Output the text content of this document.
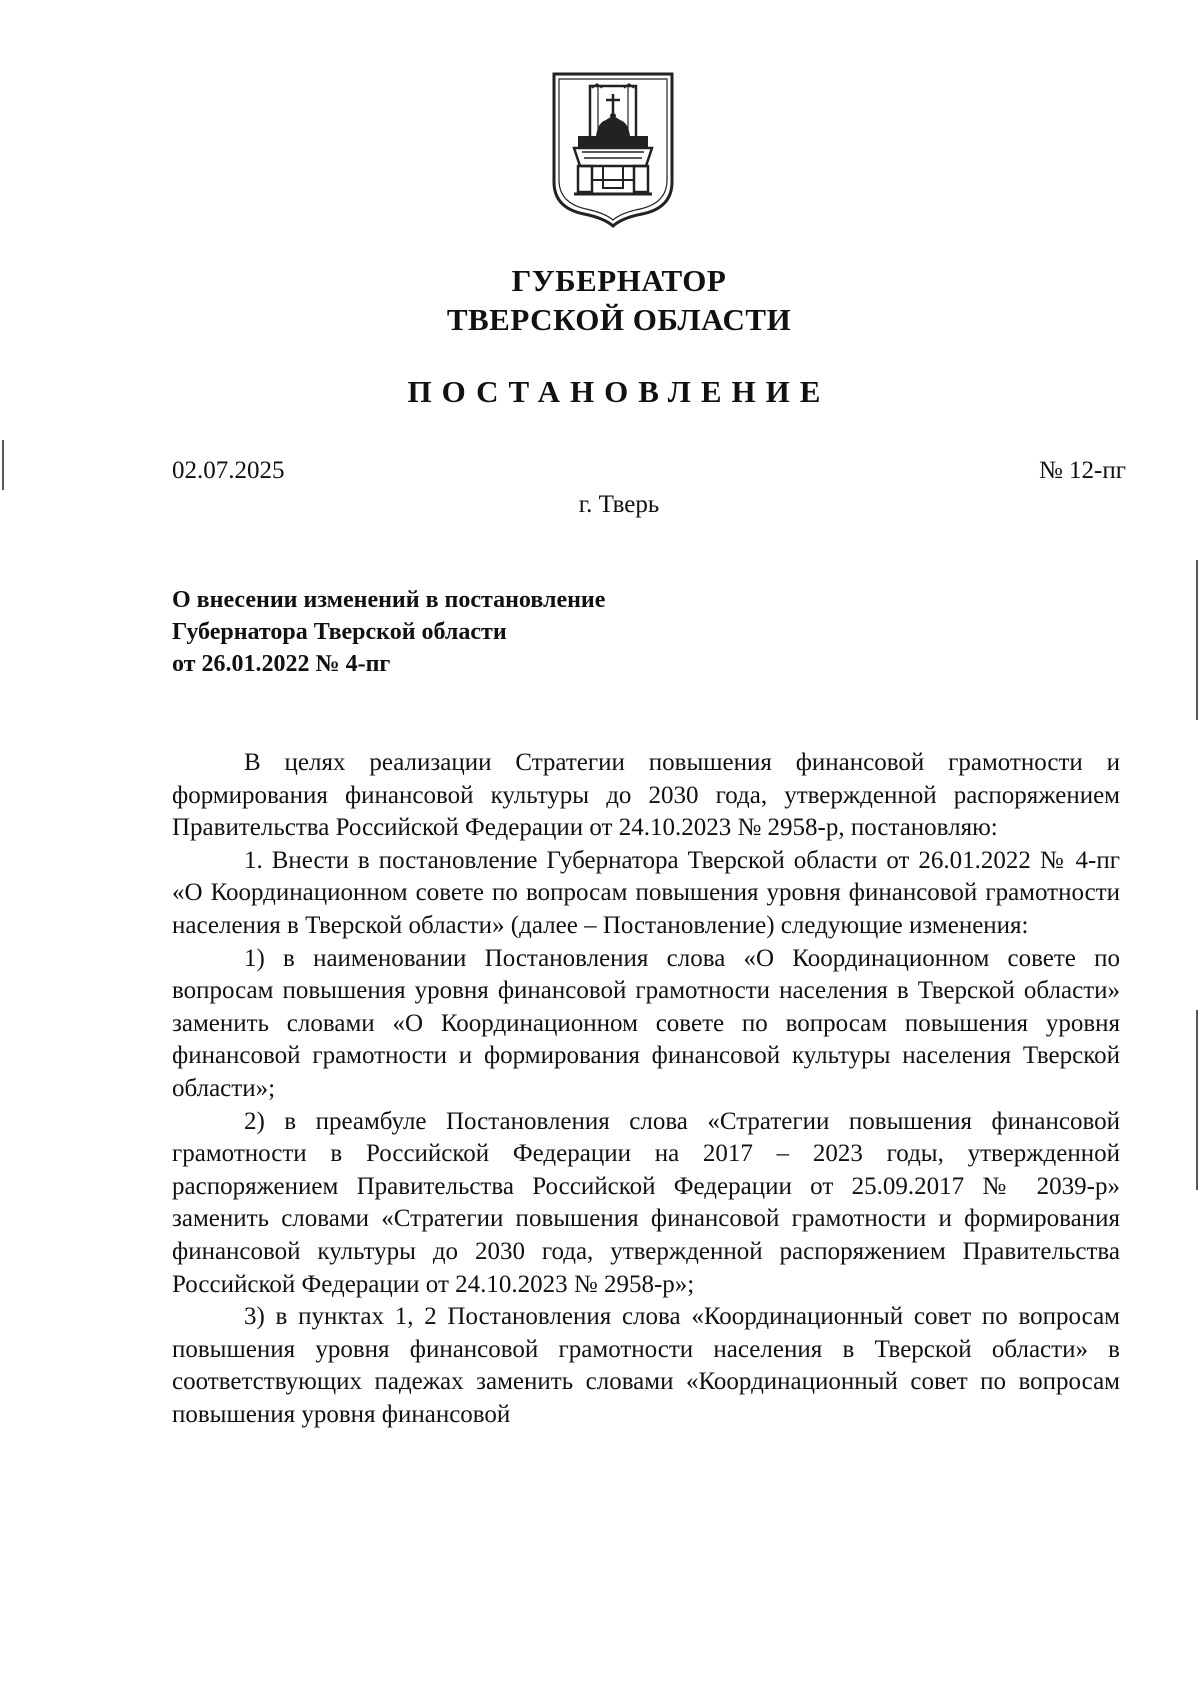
ГУБЕРНАТОР
ТВЕРСКОЙ ОБЛАСТИ
ПОСТАНОВЛЕНИЕ
02.07.2025	№ 12-пг
г. Тверь
О внесении изменений в постановление
Губернатора Тверской области
от 26.01.2022 № 4-пг

В целях реализации Стратегии повышения финансовой грамотности и формирования финансовой культуры до 2030 года, утвержденной распоряжением Правительства Российской Федерации от 24.10.2023 № 2958-р, постановляю:

1. Внести в постановление Губернатора Тверской области от 26.01.2022 № 4-пг «О Координационном совете по вопросам повышения уровня финансовой грамотности населения в Тверской области» (далее – Постановление) следующие изменения:

1) в наименовании Постановления слова «О Координационном совете по вопросам повышения уровня финансовой грамотности населения в Тверской области» заменить словами «О Координационном совете по вопросам повышения уровня финансовой грамотности и формирования финансовой культуры населения Тверской области»;

2) в преамбуле Постановления слова «Стратегии повышения финансовой грамотности в Российской Федерации на 2017 – 2023 годы, утвержденной распоряжением Правительства Российской Федерации от 25.09.2017 № 2039-р» заменить словами «Стратегии повышения финансовой грамотности и формирования финансовой культуры до 2030 года, утвержденной распоряжением Правительства Российской Федерации от 24.10.2023 № 2958-р»;

3) в пунктах 1, 2 Постановления слова «Координационный совет по вопросам повышения уровня финансовой грамотности населения в Тверской области» в соответствующих падежах заменить словами «Координационный совет по вопросам повышения уровня финансовой
